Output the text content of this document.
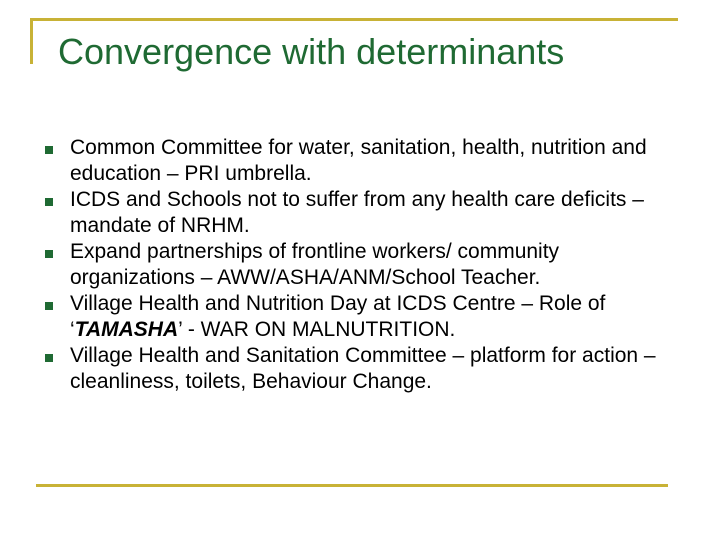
Convergence with determinants
Common Committee for water, sanitation, health, nutrition and education – PRI umbrella.
ICDS and Schools not to suffer from any health care deficits – mandate of NRHM.
Expand partnerships of frontline workers/ community organizations – AWW/ASHA/ANM/School Teacher.
Village Health and Nutrition Day at ICDS Centre – Role of ‘TAMASHA’ - WAR ON MALNUTRITION.
Village Health and Sanitation Committee – platform for action – cleanliness, toilets, Behaviour Change.
